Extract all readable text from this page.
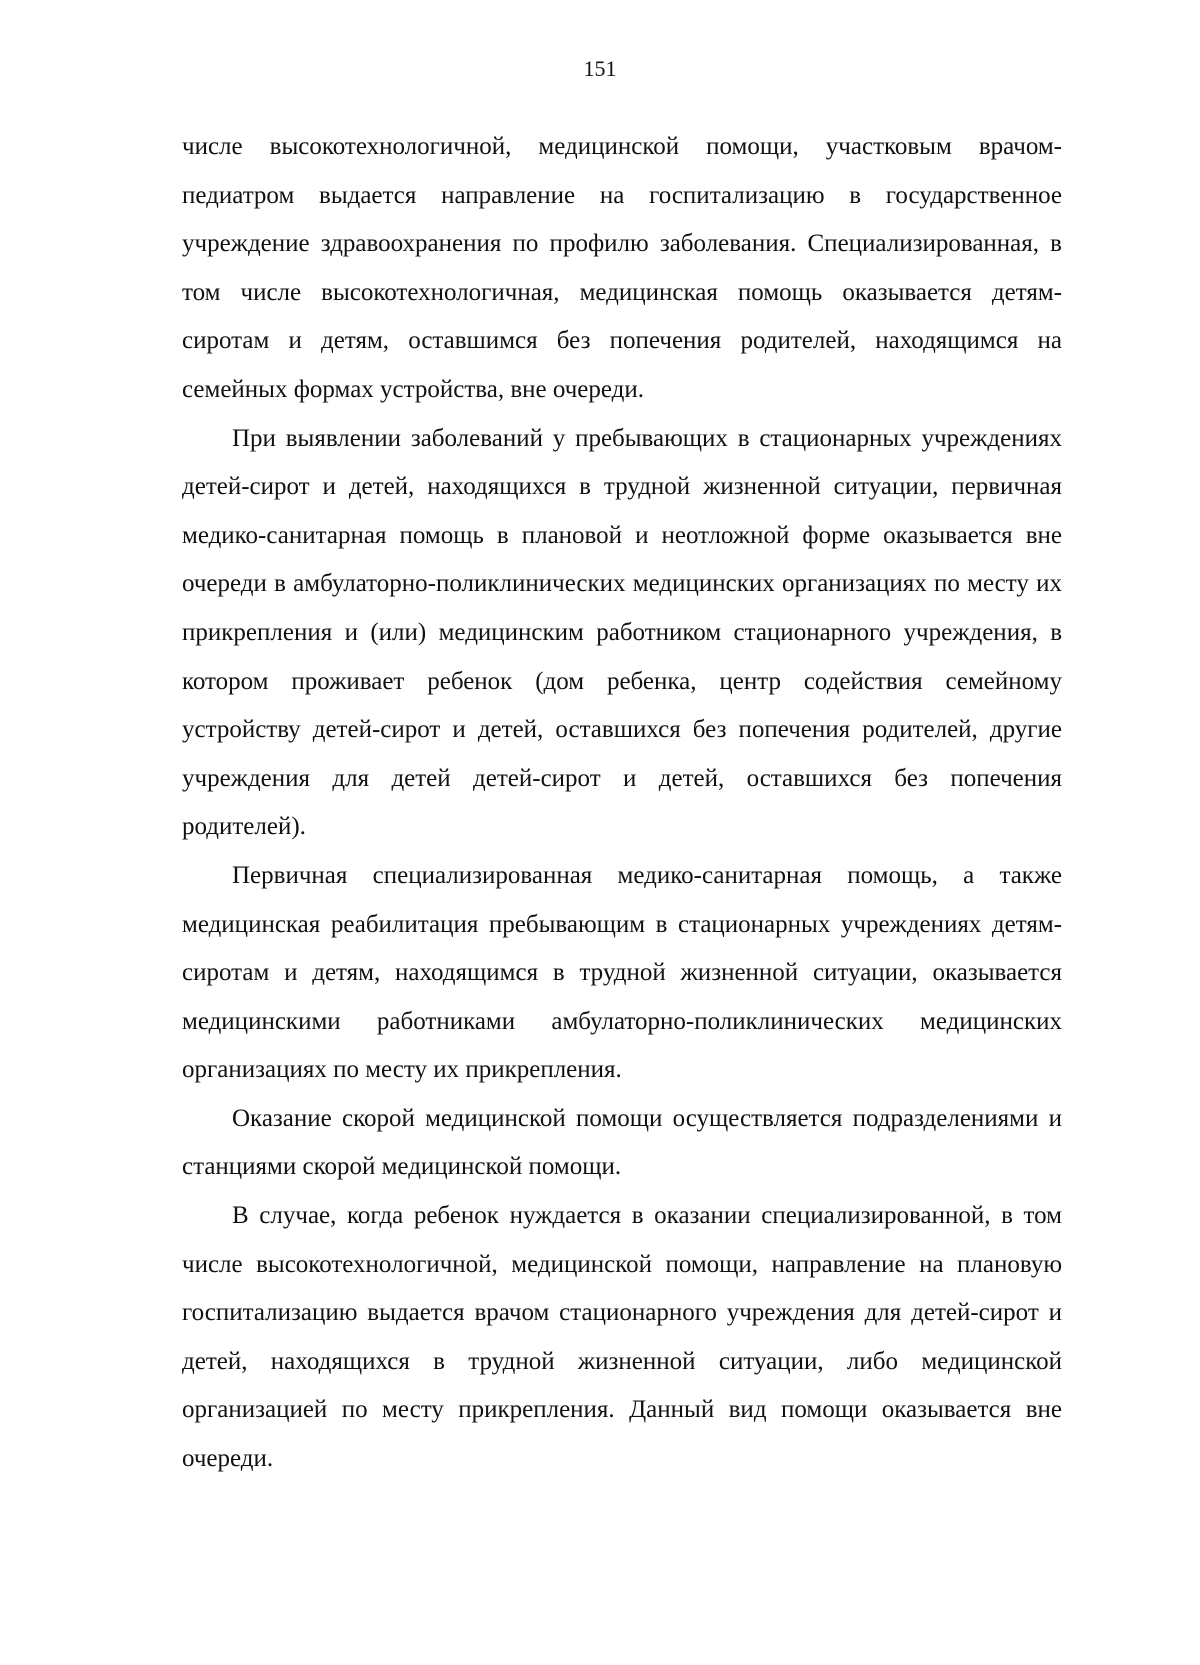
151

числе высокотехнологичной, медицинской помощи, участковым врачом-педиатром выдается направление на госпитализацию в государственное учреждение здравоохранения по профилю заболевания. Специализированная, в том числе высокотехнологичная, медицинская помощь оказывается детям-сиротам и детям, оставшимся без попечения родителей, находящимся на семейных формах устройства, вне очереди.

При выявлении заболеваний у пребывающих в стационарных учреждениях детей-сирот и детей, находящихся в трудной жизненной ситуации, первичная медико-санитарная помощь в плановой и неотложной форме оказывается вне очереди в амбулаторно-поликлинических медицинских организациях по месту их прикрепления и (или) медицинским работником стационарного учреждения, в котором проживает ребенок (дом ребенка, центр содействия семейному устройству детей-сирот и детей, оставшихся без попечения родителей, другие учреждения для детей детей-сирот и детей, оставшихся без попечения родителей).

Первичная специализированная медико-санитарная помощь, а также медицинская реабилитация пребывающим в стационарных учреждениях детям-сиротам и детям, находящимся в трудной жизненной ситуации, оказывается медицинскими работниками амбулаторно-поликлинических медицинских организациях по месту их прикрепления.

Оказание скорой медицинской помощи осуществляется подразделениями и станциями скорой медицинской помощи.

В случае, когда ребенок нуждается в оказании специализированной, в том числе высокотехнологичной, медицинской помощи, направление на плановую госпитализацию выдается врачом стационарного учреждения для детей-сирот и детей, находящихся в трудной жизненной ситуации, либо медицинской организацией по месту прикрепления. Данный вид помощи оказывается вне очереди.
